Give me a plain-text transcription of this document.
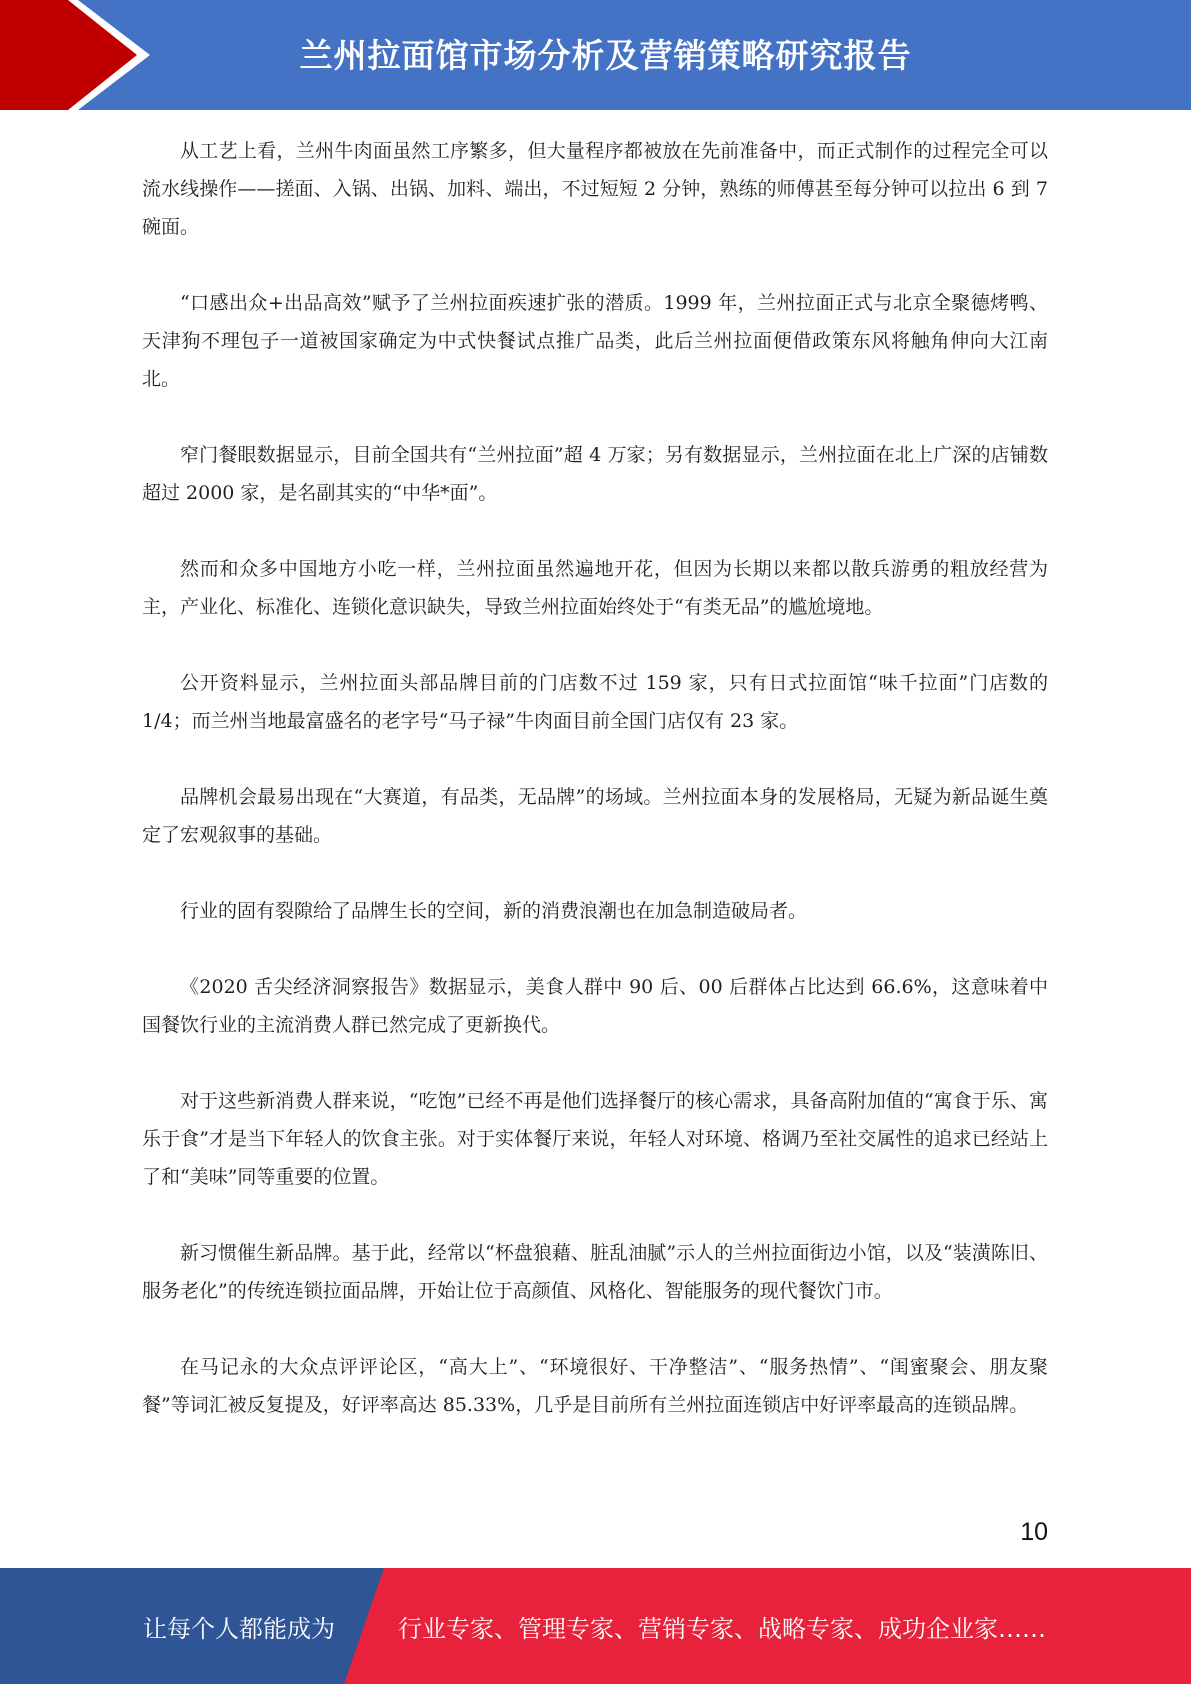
兰州拉面馆市场分析及营销策略研究报告

从工艺上看，兰州牛肉面虽然工序繁多，但大量程序都被放在先前准备中，而正式制作的过程完全可以流水线操作——搓面、入锅、出锅、加料、端出，不过短短 2 分钟，熟练的师傅甚至每分钟可以拉出 6 到 7 碗面。

“口感出众+出品高效”赋予了兰州拉面疾速扩张的潜质。1999 年，兰州拉面正式与北京全聚德烤鸭、天津狗不理包子一道被国家确定为中式快餐试点推广品类，此后兰州拉面便借政策东风将触角伸向大江南北。

窄门餐眼数据显示，目前全国共有“兰州拉面”超 4 万家；另有数据显示，兰州拉面在北上广深的店铺数超过 2000 家，是名副其实的“中华*面”。

然而和众多中国地方小吃一样，兰州拉面虽然遍地开花，但因为长期以来都以散兵游勇的粗放经营为主，产业化、标准化、连锁化意识缺失，导致兰州拉面始终处于“有类无品”的尴尬境地。

公开资料显示，兰州拉面头部品牌目前的门店数不过 159 家，只有日式拉面馆“味千拉面”门店数的 1/4；而兰州当地最富盛名的老字号“马子禄”牛肉面目前全国门店仅有 23 家。

品牌机会最易出现在“大赛道，有品类，无品牌”的场域。兰州拉面本身的发展格局，无疑为新品诞生奠定了宏观叙事的基础。

行业的固有裂隙给了品牌生长的空间，新的消费浪潮也在加急制造破局者。

《2020 舌尖经济洞察报告》数据显示，美食人群中 90 后、00 后群体占比达到 66.6%，这意味着中国餐饮行业的主流消费人群已然完成了更新换代。

对于这些新消费人群来说，“吃饱”已经不再是他们选择餐厅的核心需求，具备高附加值的“寓食于乐、寓乐于食”才是当下年轻人的饮食主张。对于实体餐厅来说，年轻人对环境、格调乃至社交属性的追求已经站上了和“美味”同等重要的位置。

新习惯催生新品牌。基于此，经常以“杯盘狼藉、脏乱油腻”示人的兰州拉面街边小馆，以及“装潢陈旧、服务老化”的传统连锁拉面品牌，开始让位于高颜值、风格化、智能服务的现代餐饮门市。

在马记永的大众点评评论区，“高大上”、“环境很好、干净整洁”、“服务热情”、“闺蜜聚会、朋友聚餐”等词汇被反复提及，好评率高达 85.33%，几乎是目前所有兰州拉面连锁店中好评率最高的连锁品牌。

10
让每个人都能成为	行业专家、管理专家、营销专家、战略专家、成功企业家……
